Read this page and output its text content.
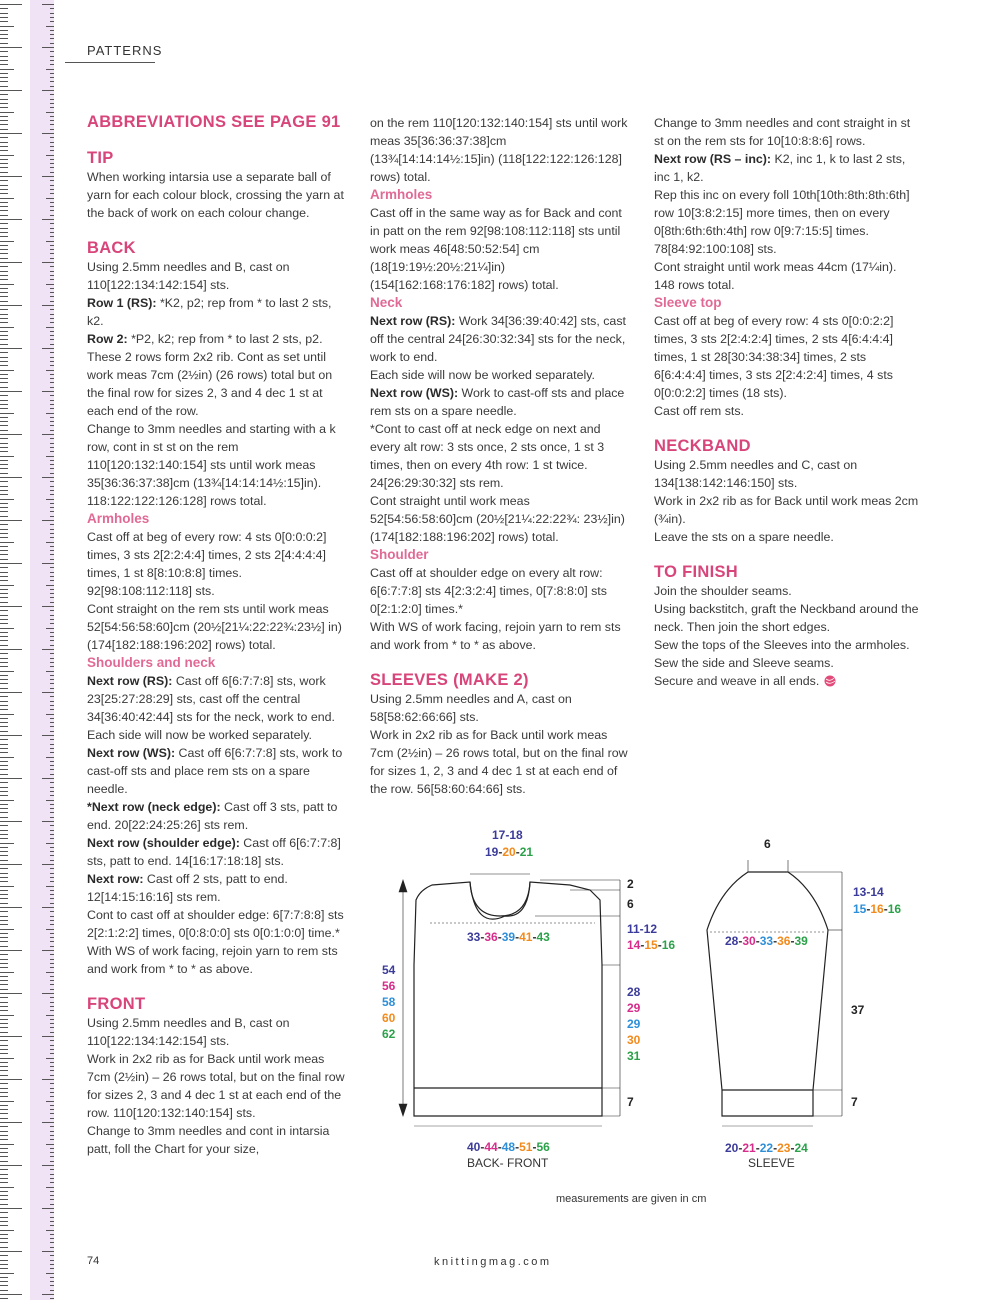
PATTERNS
ABBREVIATIONS SEE PAGE 91
TIP
When working intarsia use a separate ball of yarn for each colour block, crossing the yarn at the back of work on each colour change.
BACK
Using 2.5mm needles and B, cast on 110[122:134:142:154] sts.
Row 1 (RS): *K2, p2; rep from * to last 2 sts, k2.
Row 2: *P2, k2; rep from * to last 2 sts, p2.
These 2 rows form 2x2 rib. Cont as set until work meas 7cm (2½in) (26 rows) total but on the final row for sizes 2, 3 and 4 dec 1 st at each end of the row.
Change to 3mm needles and starting with a k row, cont in st st on the rem 110[120:132:140:154] sts until work meas 35[36:36:37:38]cm (13¾[14:14:14½:15]in). 118:122:122:126:128] rows total.
Armholes
Cast off at beg of every row: 4 sts 0[0:0:0:2] times, 3 sts 2[2:2:4:4] times, 2 sts 2[4:4:4:4] times, 1 st 8[8:10:8:8] times. 92[98:108:112:118] sts.
Cont straight on the rem sts until work meas 52[54:56:58:60]cm (20½[21¼:22:22¾:23½] in) (174[182:188:196:202] rows) total.
Shoulders and neck
Next row (RS): Cast off 6[6:7:7:8] sts, work 23[25:27:28:29] sts, cast off the central 34[36:40:42:44] sts for the neck, work to end.
Each side will now be worked separately.
Next row (WS): Cast off 6[6:7:7:8] sts, work to cast-off sts and place rem sts on a spare needle.
*Next row (neck edge): Cast off 3 sts, patt to end. 20[22:24:25:26] sts rem.
Next row (shoulder edge): Cast off 6[6:7:7:8] sts, patt to end. 14[16:17:18:18] sts.
Next row: Cast off 2 sts, patt to end. 12[14:15:16:16] sts rem.
Cont to cast off at shoulder edge: 6[7:7:8:8] sts 2[2:1:2:2] times, 0[0:8:0:0] sts 0[0:1:0:0] time.*
With WS of work facing, rejoin yarn to rem sts and work from * to * as above.
FRONT
Using 2.5mm needles and B, cast on 110[122:134:142:154] sts.
Work in 2x2 rib as for Back until work meas 7cm (2½in) – 26 rows total, but on the final row for sizes 2, 3 and 4 dec 1 st at each end of the row. 110[120:132:140:154] sts.
Change to 3mm needles and cont in intarsia patt, foll the Chart for your size,
on the rem 110[120:132:140:154] sts until work meas 35[36:36:37:38]cm (13¾[14:14:14½:15]in) (118[122:122:126:128] rows) total.
Armholes
Cast off in the same way as for Back and cont in patt on the rem 92[98:108:112:118] sts until work meas 46[48:50:52:54] cm (18[19:19½:20½:21¼]in) (154[162:168:176:182] rows) total.
Neck
Next row (RS): Work 34[36:39:40:42] sts, cast off the central 24[26:30:32:34] sts for the neck, work to end.
Each side will now be worked separately.
Next row (WS): Work to cast-off sts and place rem sts on a spare needle.
*Cont to cast off at neck edge on next and every alt row: 3 sts once, 2 sts once, 1 st 3 times, then on every 4th row: 1 st twice. 24[26:29:30:32] sts rem.
Cont straight until work meas 52[54:56:58:60]cm (20½[21¼:22:22¾: 23½]in) (174[182:188:196:202] rows) total.
Shoulder
Cast off at shoulder edge on every alt row: 6[6:7:7:8] sts 4[2:3:2:4] times, 0[7:8:8:0] sts 0[2:1:2:0] times.*
With WS of work facing, rejoin yarn to rem sts and work from * to * as above.
SLEEVES (MAKE 2)
Using 2.5mm needles and A, cast on 58[58:62:66:66] sts.
Work in 2x2 rib as for Back until work meas 7cm (2½in) – 26 rows total, but on the final row for sizes 1, 2, 3 and 4 dec 1 st at each end of the row. 56[58:60:64:66] sts.
Change to 3mm needles and cont straight in st st on the rem sts for 10[10:8:8:6] rows.
Next row (RS – inc): K2, inc 1, k to last 2 sts, inc 1, k2.
Rep this inc on every foll 10th[10th:8th:8th:6th] row 10[3:8:2:15] more times, then on every 0[8th:6th:6th:4th] row 0[9:7:15:5] times. 78[84:92:100:108] sts.
Cont straight until work meas 44cm (17¼in). 148 rows total.
Sleeve top
Cast off at beg of every row: 4 sts 0[0:0:2:2] times, 3 sts 2[2:4:2:4] times, 2 sts 4[6:4:4:4] times, 1 st 28[30:34:38:34] times, 2 sts 6[6:4:4:4] times, 3 sts 2[2:4:2:4] times, 4 sts 0[0:0:2:2] times (18 sts).
Cast off rem sts.
NECKBAND
Using 2.5mm needles and C, cast on 134[138:142:146:150] sts.
Work in 2x2 rib as for Back until work meas 2cm (¾in).
Leave the sts on a spare needle.
TO FINISH
Join the shoulder seams.
Using backstitch, graft the Neckband around the neck. Then join the short edges.
Sew the tops of the Sleeves into the armholes.
Sew the side and Sleeve seams.
Secure and weave in all ends.
17-18
19-20-21
33-36-39-41-43
54
56
58
60
62
2
6
11-12
14-15-16
28
29
29
30
31
7
40-44-48-51-56
BACK- FRONT
6
13-14
15-16-16
28-30-33-36-39
37
7
20-21-22-23-24
SLEEVE
measurements are given in cm
74	knittingmag.com
